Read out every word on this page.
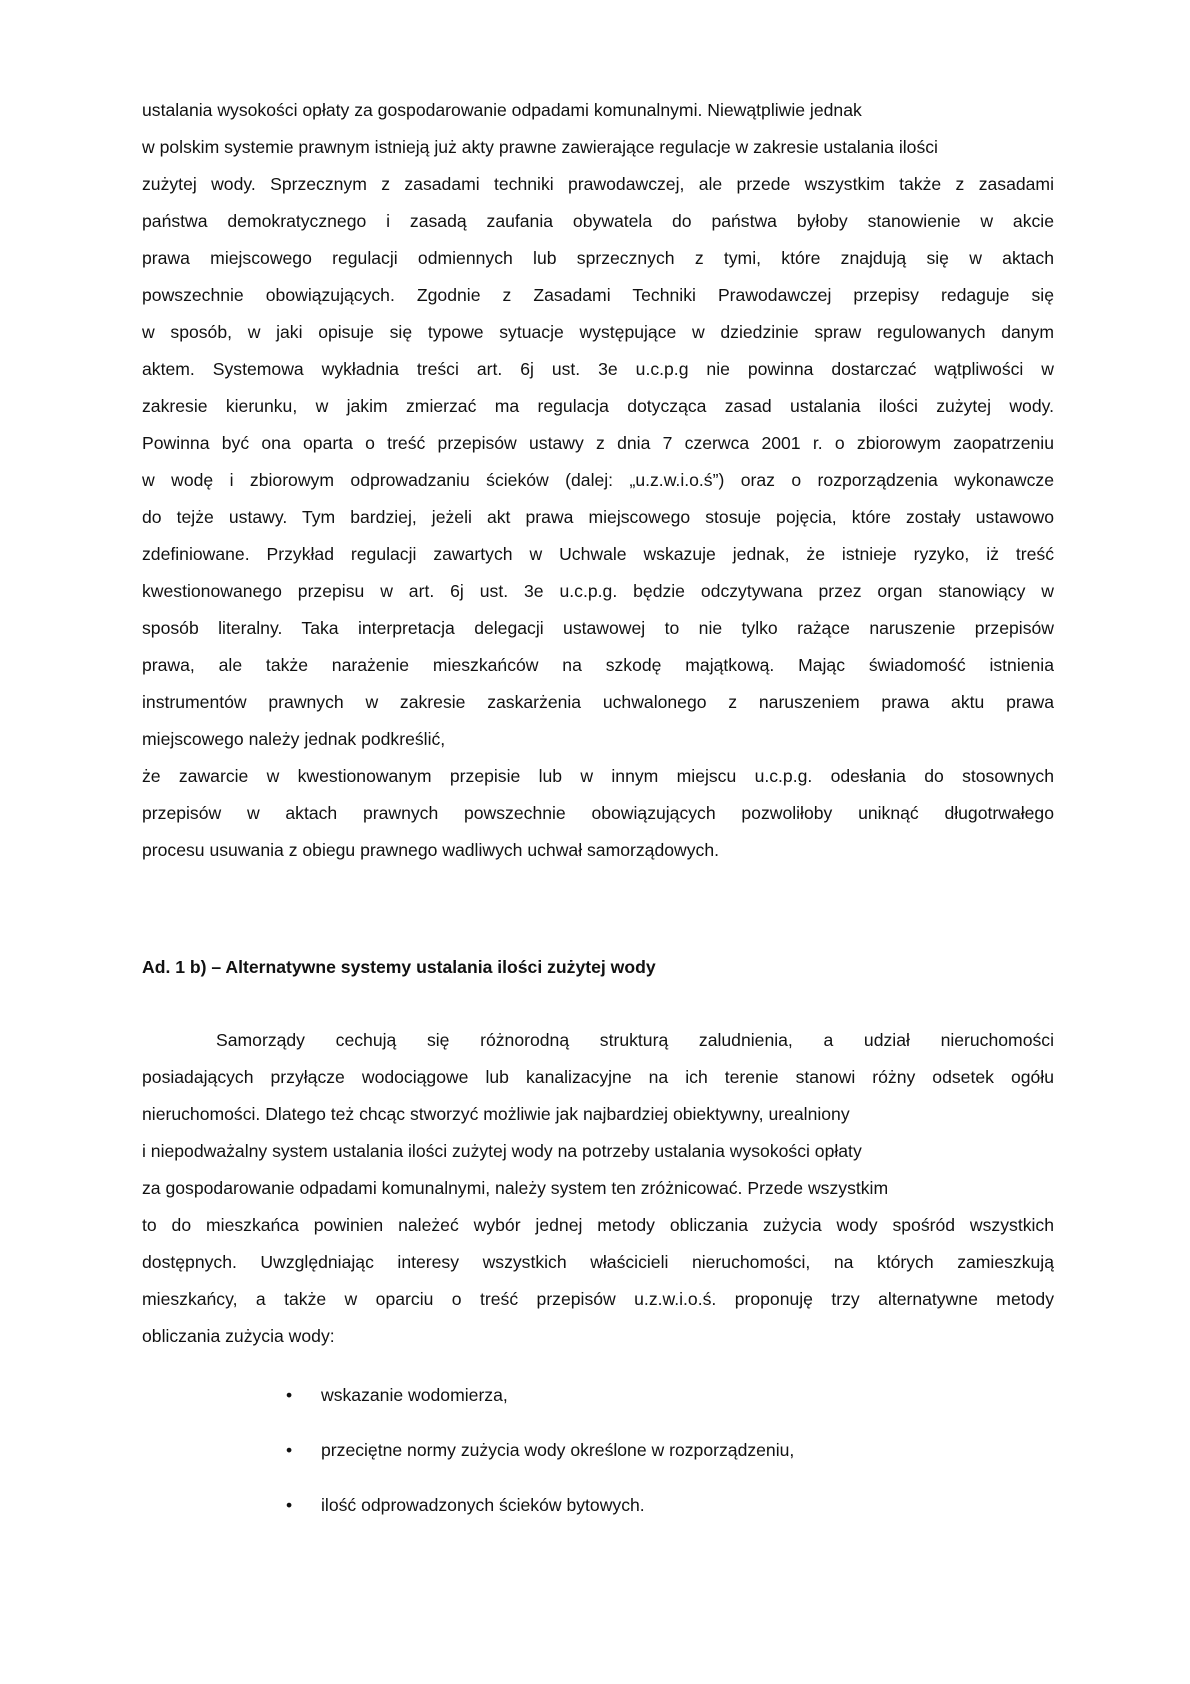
ustalania wysokości opłaty za gospodarowanie odpadami komunalnymi. Niewątpliwie jednak
w polskim systemie prawnym istnieją już akty prawne zawierające regulacje w zakresie ustalania ilości
zużytej wody. Sprzecznym z zasadami techniki prawodawczej, ale przede wszystkim także z zasadami
państwa demokratycznego i zasadą zaufania obywatela do państwa byłoby stanowienie w akcie
prawa miejscowego regulacji odmiennych lub sprzecznych z tymi, które znajdują się w aktach
powszechnie obowiązujących. Zgodnie z Zasadami Techniki Prawodawczej przepisy redaguje się
w sposób, w jaki opisuje się typowe sytuacje występujące w dziedzinie spraw regulowanych danym
aktem. Systemowa wykładnia treści art. 6j ust. 3e u.c.p.g nie powinna dostarczać wątpliwości w
zakresie kierunku, w jakim zmierzać ma regulacja dotycząca zasad ustalania ilości zużytej wody.
Powinna być ona oparta o treść przepisów ustawy z dnia 7 czerwca 2001 r. o zbiorowym zaopatrzeniu
w wodę i zbiorowym odprowadzaniu ścieków (dalej: „u.z.w.i.o.ś”) oraz o rozporządzenia wykonawcze
do tejże ustawy. Tym bardziej, jeżeli akt prawa miejscowego stosuje pojęcia, które zostały ustawowo
zdefiniowane. Przykład regulacji zawartych w Uchwale wskazuje jednak, że istnieje ryzyko, iż treść
kwestionowanego przepisu w art. 6j ust. 3e u.c.p.g. będzie odczytywana przez organ stanowiący w
sposób literalny. Taka interpretacja delegacji ustawowej to nie tylko rażące naruszenie przepisów
prawa, ale także narażenie mieszkańców na szkodę majątkową. Mając świadomość istnienia
instrumentów prawnych w zakresie zaskarżenia uchwalonego z naruszeniem prawa aktu prawa
miejscowego należy jednak podkreślić,
że zawarcie w kwestionowanym przepisie lub w innym miejscu u.c.p.g. odesłania do stosownych
przepisów w aktach prawnych powszechnie obowiązujących pozwoliłoby uniknąć długotrwałego
procesu usuwania z obiegu prawnego wadliwych uchwał samorządowych.
Ad. 1 b) – Alternatywne systemy ustalania ilości zużytej wody
Samorządy cechują się różnorodną strukturą zaludnienia, a udział nieruchomości
posiadających przyłącze wodociągowe lub kanalizacyjne na ich terenie stanowi różny odsetek ogółu
nieruchomości. Dlatego też chcąc stworzyć możliwie jak najbardziej obiektywny, urealniony
i niepodważalny system ustalania ilości zużytej wody na potrzeby ustalania wysokości opłaty
za gospodarowanie odpadami komunalnymi, należy system ten zróżnicować. Przede wszystkim
to do mieszkańca powinien należeć wybór jednej metody obliczania zużycia wody spośród wszystkich
dostępnych. Uwzględniając interesy wszystkich właścicieli nieruchomości, na których zamieszkują
mieszkańcy, a także w oparciu o treść przepisów u.z.w.i.o.ś. proponuję trzy alternatywne metody
obliczania zużycia wody:
• wskazanie wodomierza,
• przeciętne normy zużycia wody określone w rozporządzeniu,
• ilość odprowadzonych ścieków bytowych.
